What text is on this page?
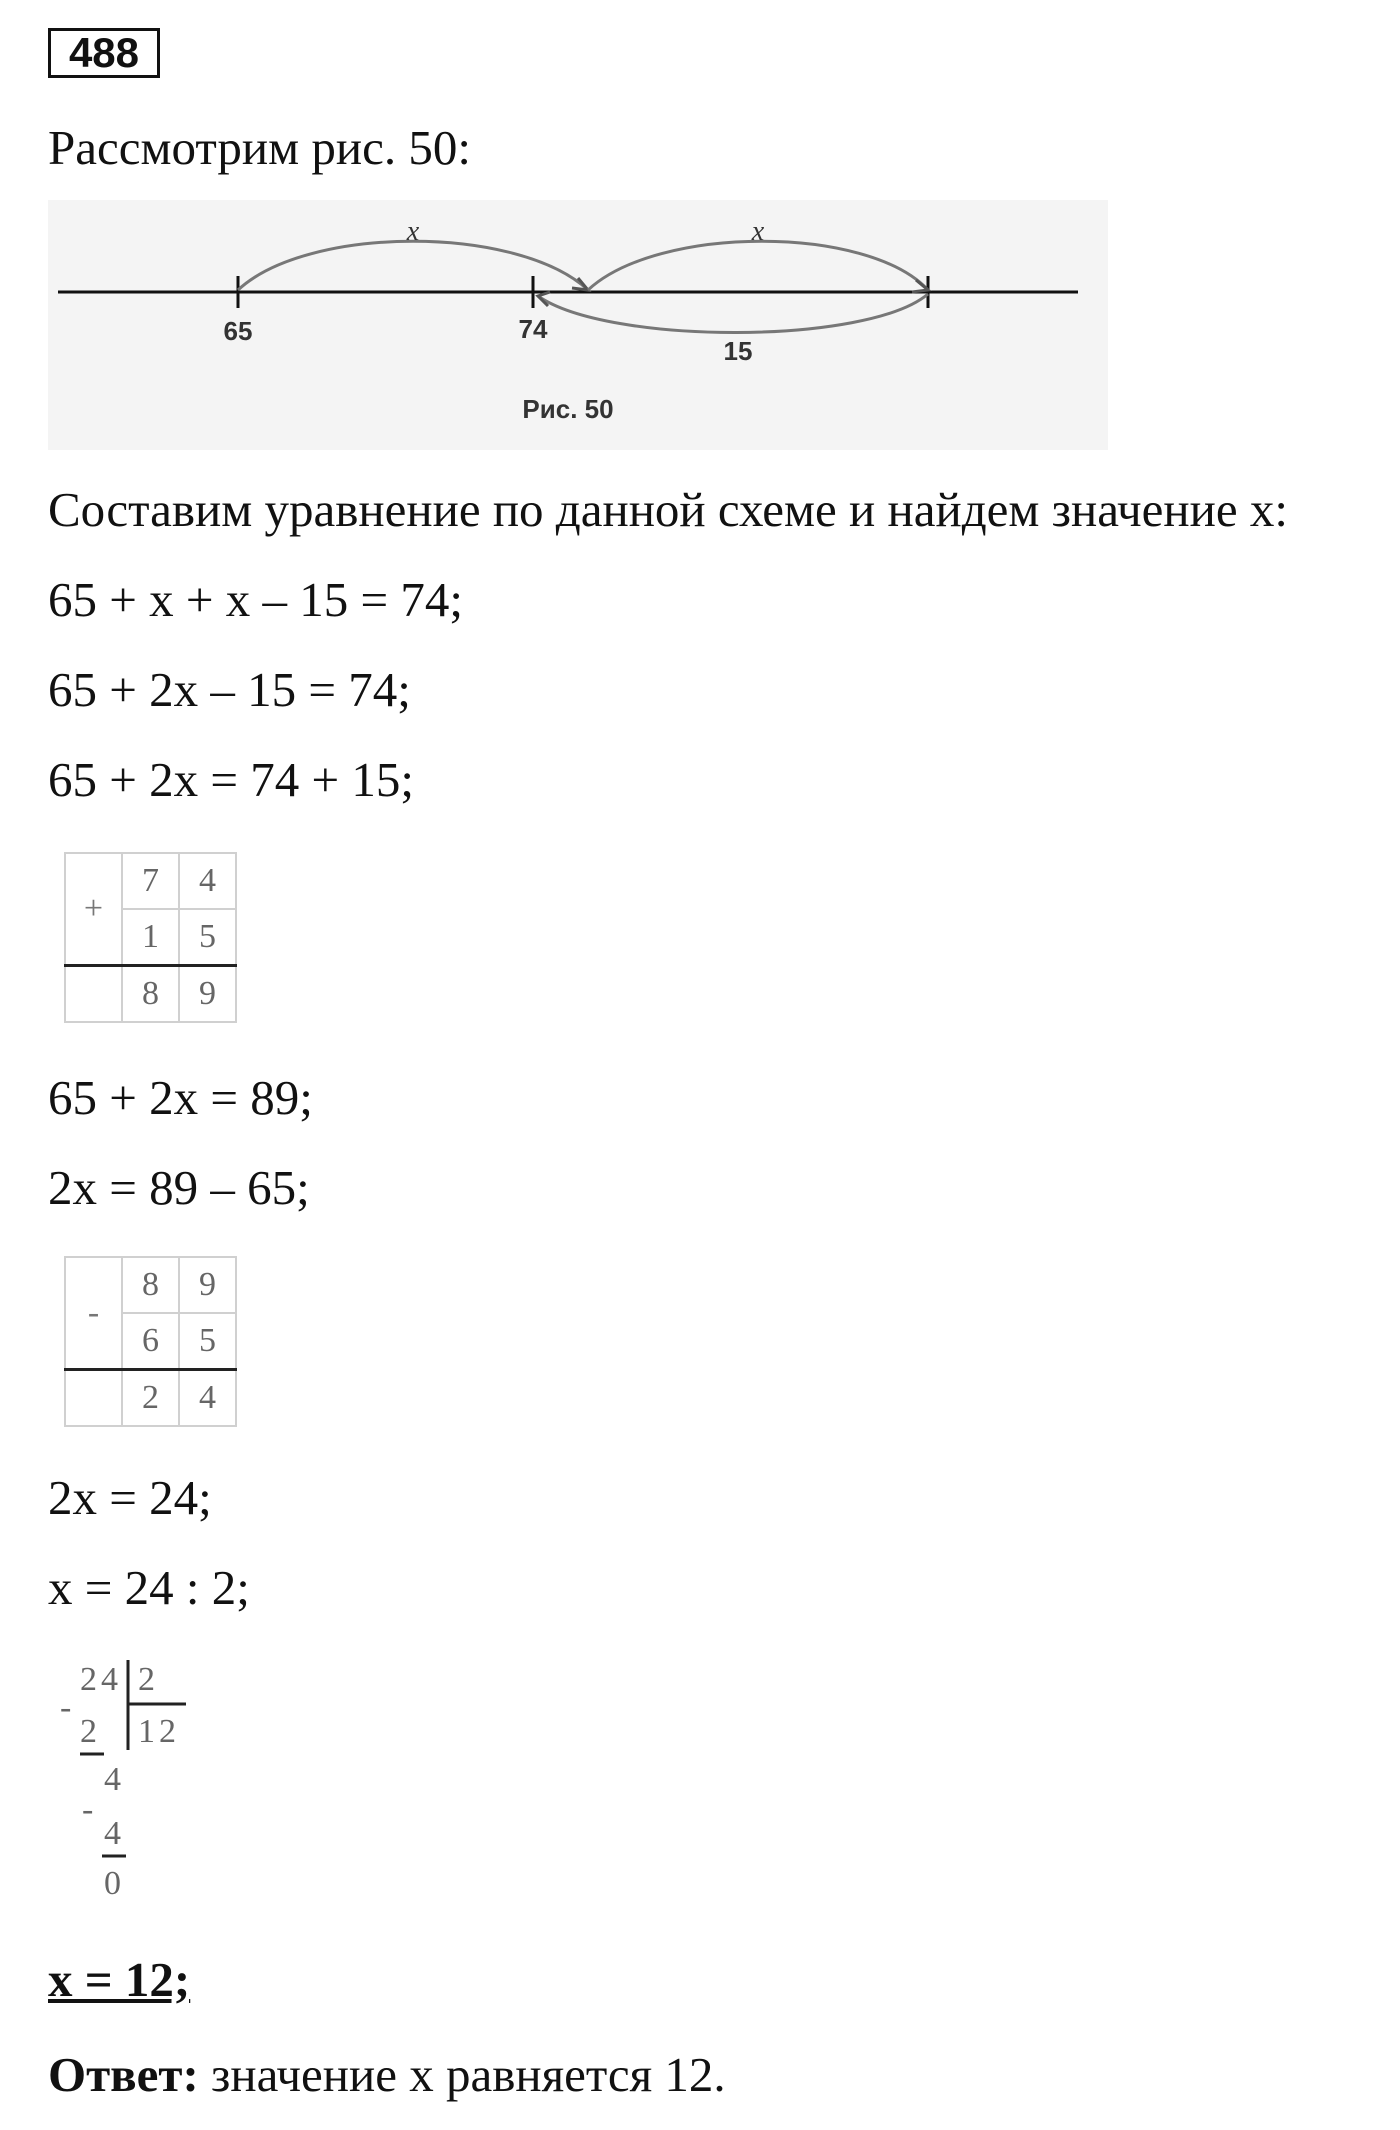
488
Рассмотрим рис. 50:
x	x
65	74
15
Рис. 50
Составим уравнение по данной схеме и найдем значение х:
65 + х + х – 15 = 74;
65 + 2х – 15 = 74;
65 + 2х = 74 + 15;
+	7	4
	1	5
	8	9
65 + 2х = 89;
2х = 89 – 65;
-	8	9
	6	5
	2	4
2х = 24;
х = 24 : 2;
24 2
12
-
2
4
-
4
0
х = 12;
Ответ: значение х равняется 12.
